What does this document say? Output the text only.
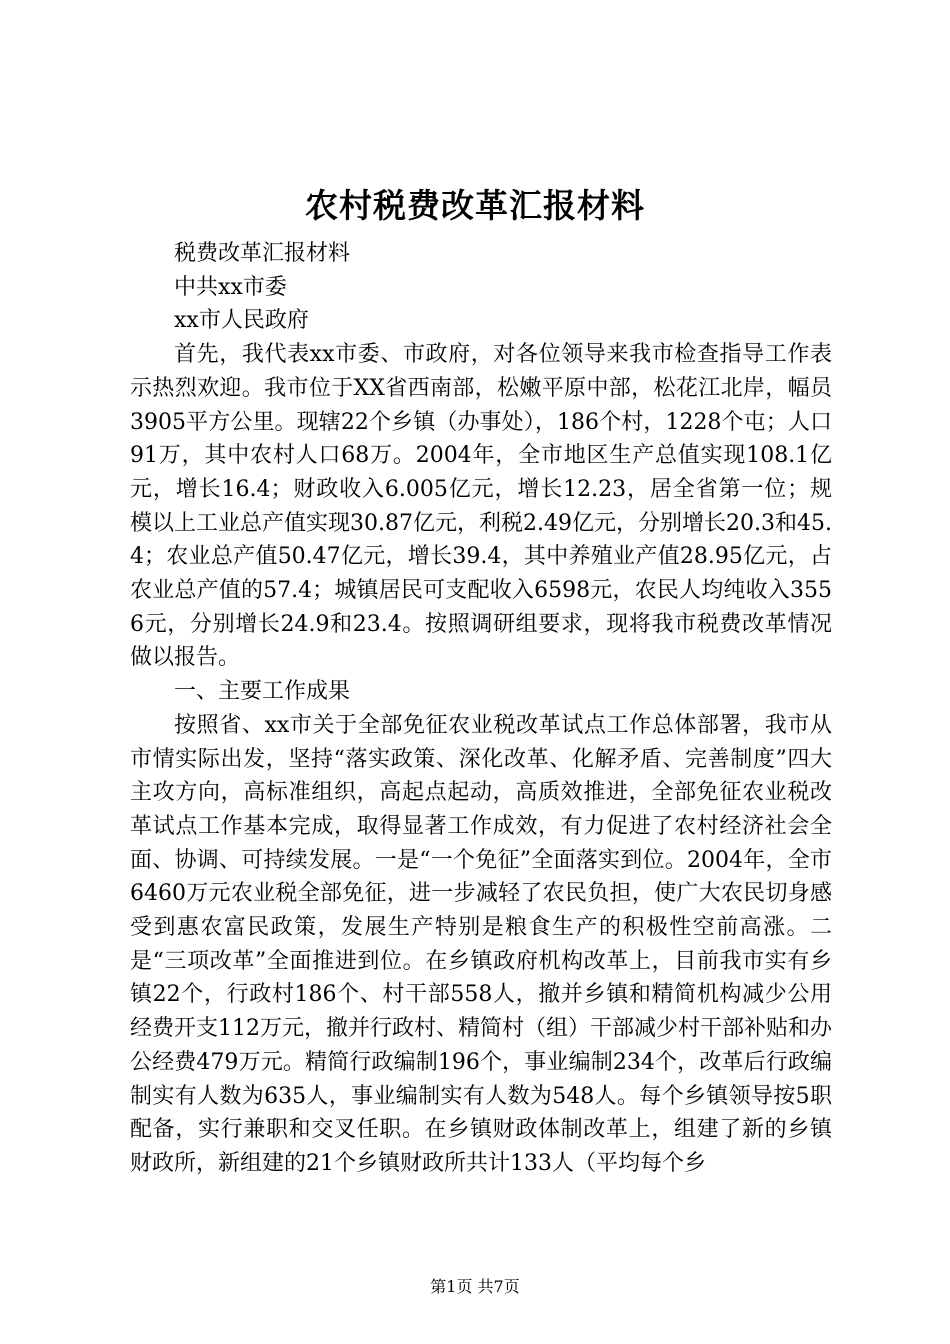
农村税费改革汇报材料

税费改革汇报材料

中共xx市委

xx市人民政府

首先，我代表xx市委、市政府，对各位领导来我市检查指导工作表示热烈欢迎。我市位于XX省西南部，松嫩平原中部，松花江北岸，幅员3905平方公里。现辖22个乡镇（办事处），186个村，1228个屯；人口91万，其中农村人口68万。2004年，全市地区生产总值实现108.1亿元，增长16.4；财政收入6.005亿元，增长12.23，居全省第一位；规模以上工业总产值实现30.87亿元，利税2.49亿元，分别增长20.3和45.4；农业总产值50.47亿元，增长39.4，其中养殖业产值28.95亿元，占农业总产值的57.4；城镇居民可支配收入6598元，农民人均纯收入3556元，分别增长24.9和23.4。按照调研组要求，现将我市税费改革情况做以报告。

一、主要工作成果

按照省、xx市关于全部免征农业税改革试点工作总体部署，我市从市情实际出发，坚持“落实政策、深化改革、化解矛盾、完善制度”四大主攻方向，高标准组织，高起点起动，高质效推进，全部免征农业税改革试点工作基本完成，取得显著工作成效，有力促进了农村经济社会全面、协调、可持续发展。一是“一个免征”全面落实到位。2004年，全市6460万元农业税全部免征，进一步减轻了农民负担，使广大农民切身感受到惠农富民政策，发展生产特别是粮食生产的积极性空前高涨。二是“三项改革”全面推进到位。在乡镇政府机构改革上，目前我市实有乡镇22个，行政村186个、村干部558人，撤并乡镇和精简机构减少公用经费开支112万元，撤并行政村、精简村（组）干部减少村干部补贴和办公经费479万元。精简行政编制196个，事业编制234个，改革后行政编制实有人数为635人，事业编制实有人数为548人。每个乡镇领导按5职配备，实行兼职和交叉任职。在乡镇财政体制改革上，组建了新的乡镇财政所，新组建的21个乡镇财政所共计133人（平均每个乡

第1页 共7页
